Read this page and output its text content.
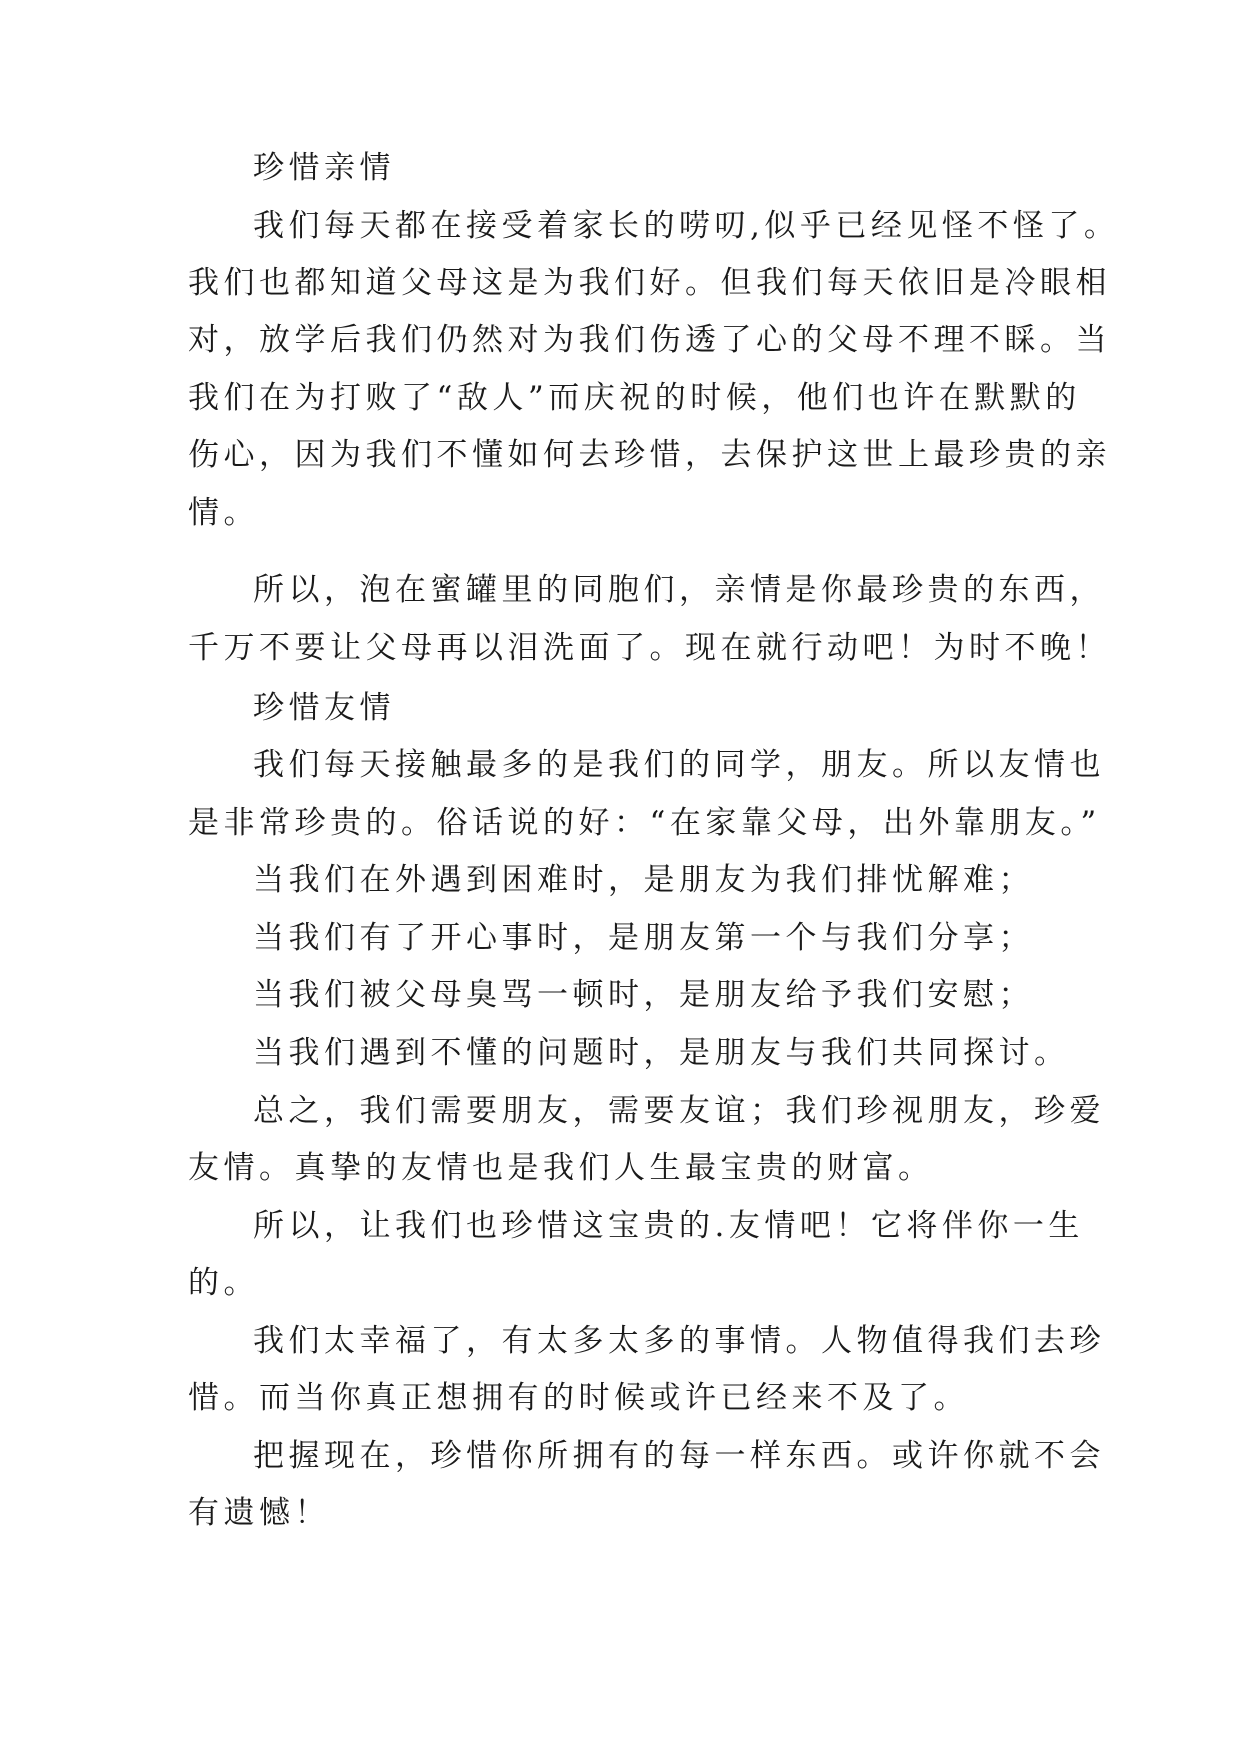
珍惜亲情
我们每天都在接受着家长的唠叨,似乎已经见怪不怪了。
我们也都知道父母这是为我们好。但我们每天依旧是冷眼相
对，放学后我们仍然对为我们伤透了心的父母不理不睬。当
我们在为打败了“敌人”而庆祝的时候，他们也许在默默的
伤心，因为我们不懂如何去珍惜，去保护这世上最珍贵的亲
情。
所以，泡在蜜罐里的同胞们，亲情是你最珍贵的东西，
千万不要让父母再以泪洗面了。现在就行动吧！为时不晚！
珍惜友情
我们每天接触最多的是我们的同学，朋友。所以友情也
是非常珍贵的。俗话说的好：“在家靠父母，出外靠朋友。”
当我们在外遇到困难时，是朋友为我们排忧解难；
当我们有了开心事时，是朋友第一个与我们分享；
当我们被父母臭骂一顿时，是朋友给予我们安慰；
当我们遇到不懂的问题时，是朋友与我们共同探讨。
总之，我们需要朋友，需要友谊；我们珍视朋友，珍爱
友情。真挚的友情也是我们人生最宝贵的财富。
所以，让我们也珍惜这宝贵的.友情吧！它将伴你一生
的。
我们太幸福了，有太多太多的事情。人物值得我们去珍
惜。而当你真正想拥有的时候或许已经来不及了。
把握现在，珍惜你所拥有的每一样东西。或许你就不会
有遗憾！
